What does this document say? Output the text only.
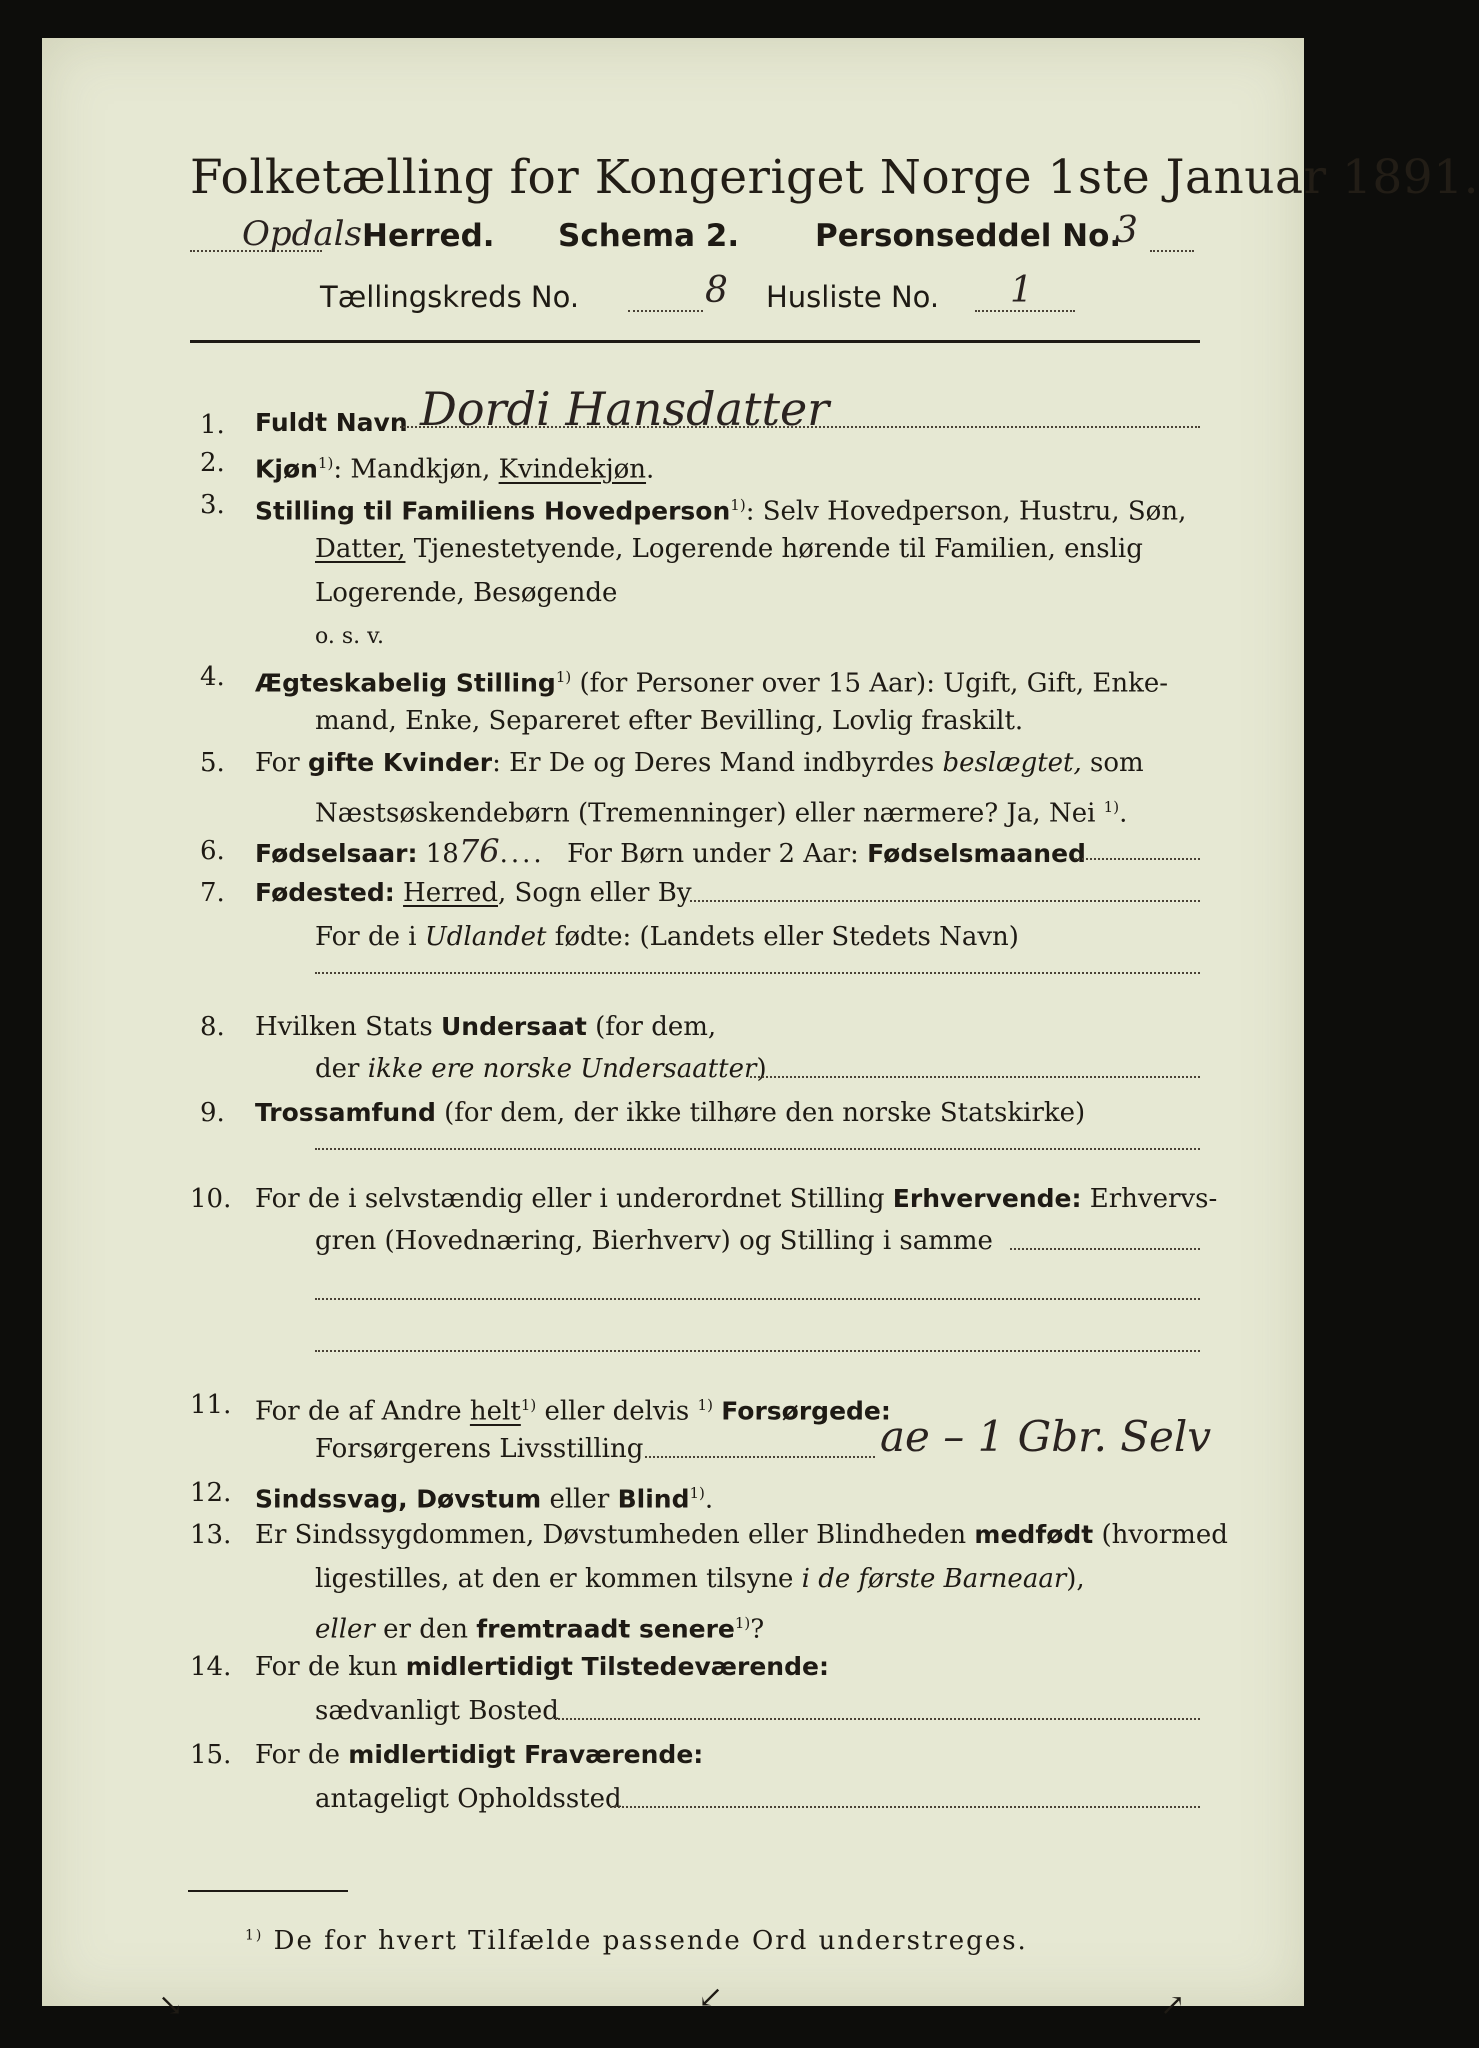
Folketælling for Kongeriget Norge 1ste Januar 1891.
Opdals Herred. Schema 2. Personseddel No.
3
Tællingskreds No.	8 Husliste No. 1
1. Fuldt Navn Dordi Hansdatter
2. Kjøn$^{1)}$: Mandkjøn, Kvindekjøn.
3. Stilling til Familiens Hovedperson$^{1)}$: Selv Hovedperson, Hustru, Søn,
Datter, Tjenestetyende, Logerende hørende til Familien, enslig
Logerende, Besøgende
o. s. v.
4. Ægteskabelig Stilling$^{1)}$ (for Personer over 15 Aar): Ugift, Gift, Enke-
mand, Enke, Separeret efter Bevilling, Lovlig fraskilt.
5. For gifte Kvinder: Er De og Deres Mand indbyrdes beslægtet, som
Næstsøskendebørn (Tremenninger) eller nærmere? Ja, Nei $^{1)}$.
6. Fødselsaar: 1876....  For Børn under 2 Aar: Fødselsmaaned
7. Fødested: Herred, Sogn eller By
For de i Udlandet fødte: (Landets eller Stedets Navn)
8. Hvilken Stats Undersaat (for dem,
der ikke ere norske Undersaatter)
9. Trossamfund (for dem, der ikke tilhøre den norske Statskirke)
10. For de i selvstændig eller i underordnet Stilling Erhvervende: Erhvervs-
gren (Hovednæring, Bierhverv) og Stilling i samme
11. For de af Andre helt$^{1)}$ eller delvis $^{1)}$ Forsørgede:
Forsørgerens Livsstilling	ae – 1 Gbr. Selv
12. Sindssvag, Døvstum eller Blind$^{1)}$.
13. Er Sindssygdommen, Døvstumheden eller Blindheden medfødt (hvormed
ligestilles, at den er kommen tilsyne i de første Barneaar),
eller er den fremtraadt senere$^{1)}$?
14. For de kun midlertidigt Tilstedeværende:
sædvanligt Bosted
15. For de midlertidigt Fraværende:
antageligt Opholdssted
$^{1)}$ De for hvert Tilfælde passende Ord understreges.
↘	↙	↗
